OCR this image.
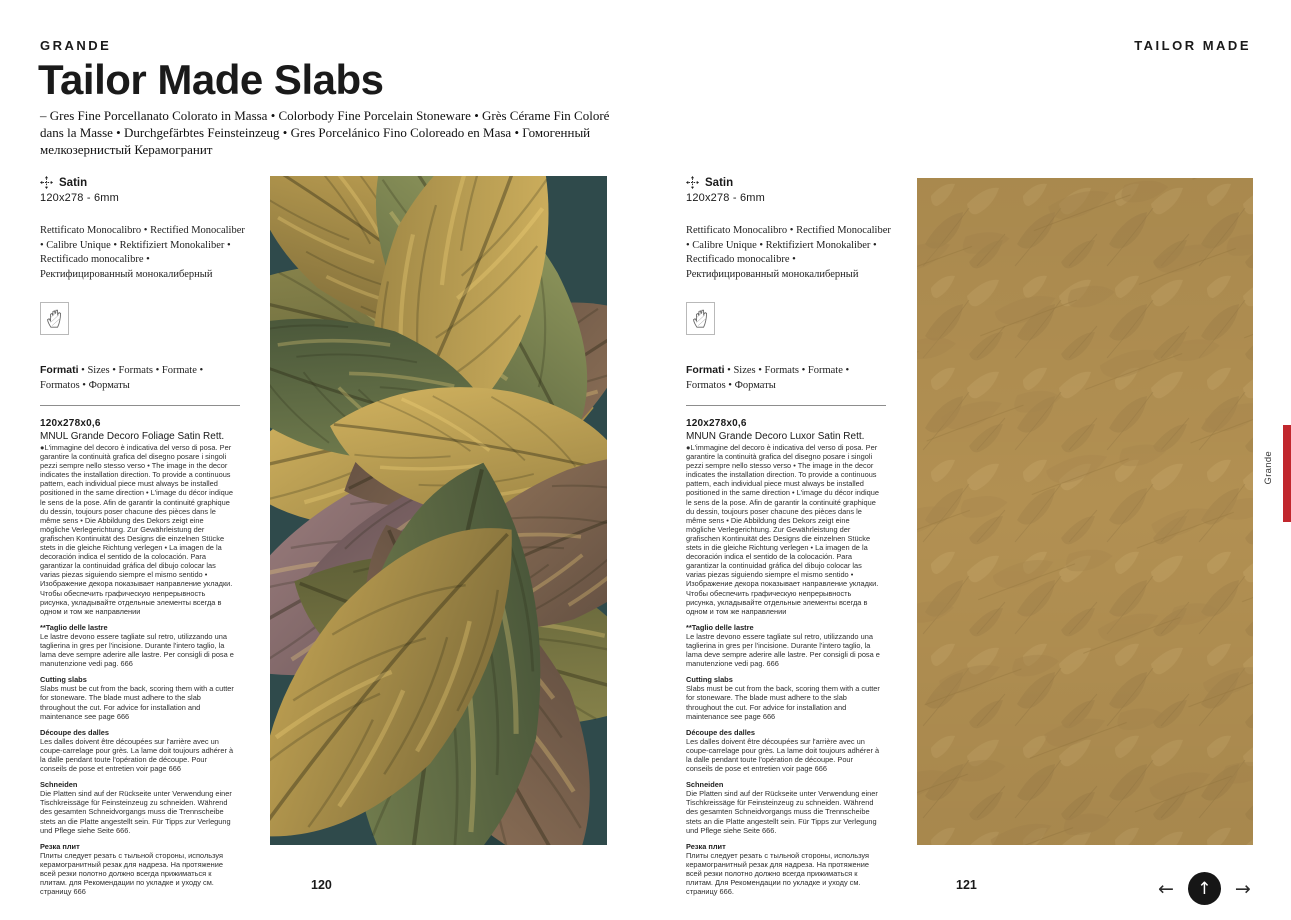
GRANDE	TAILOR MADE
Tailor Made Slabs
– Gres Fine Porcellanato Colorato in Massa • Colorbody Fine Porcelain Stoneware • Grès Cérame Fin Coloré dans la Masse • Durchgefärbtes Feinsteinzeug • Gres Porcelánico Fino Coloreado en Masa • Гомогенный мелкозернистый Керамогранит
Satin
120x278 - 6mm
Rettificato Monocalibro • Rectified Monocaliber • Calibre Unique • Rektifiziert Monokaliber • Rectificado monocalibre • Ректифицированный монокалиберный
Formati • Sizes • Formats • Formate • Formatos • Форматы
120x278x0,6
MNUL Grande Decoro Foliage Satin Rett.
●L'immagine del decoro è indicativa del verso di posa. Per garantire la continuità grafica del disegno posare i singoli pezzi sempre nello stesso verso • The image in the decor indicates the installation direction. To provide a continuous pattern, each individual piece must always be installed positioned in the same direction • L'image du décor indique le sens de la pose. Afin de garantir la continuité graphique du dessin, toujours poser chacune des pièces dans le même sens • Die Abbildung des Dekors zeigt eine mögliche Verlegerichtung. Zur Gewährleistung der grafischen Kontinuität des Designs die einzelnen Stücke stets in die gleiche Richtung verlegen • La imagen de la decoración indica el sentido de la colocación. Para garantizar la continuidad gráfica del dibujo colocar las varias piezas siguiendo siempre el mismo sentido • Изображение декора показывает направление укладки. Чтобы обеспечить графическую непрерывность рисунка, укладывайте отдельные элементы всегда в одном и том же направлении
**Taglio delle lastre
Le lastre devono essere tagliate sul retro, utilizzando una taglierina in gres per l'incisione. Durante l'intero taglio, la lama deve sempre aderire alle lastre. Per consigli di posa e manutenzione vedi pag. 666
Cutting slabs
Slabs must be cut from the back, scoring them with a cutter for stoneware. The blade must adhere to the slab throughout the cut. For advice for installation and maintenance see page 666
Découpe des dalles
Les dalles doivent être découpées sur l'arrière avec un coupe-carrelage pour grès. La lame doit toujours adhérer à la dalle pendant toute l'opération de découpe. Pour conseils de pose et entretien voir page 666
Schneiden
Die Platten sind auf der Rückseite unter Verwendung einer Tischkreissäge für Feinsteinzeug zu schneiden. Während des gesamten Schneidvorgangs muss die Trennscheibe stets an die Platte angestellt sein. Für Tipps zur Verlegung und Pflege siehe Seite 666.
Резка плит
Плиты следует резать с тыльной стороны, используя керамогранитный резак для надреза. На протяжение всей резки полотно должно всегда прижиматься к плитам. для Рекомендации по укладке и уходу см. страницу 666
Satin
120x278 - 6mm
Rettificato Monocalibro • Rectified Monocaliber • Calibre Unique • Rektifiziert Monokaliber • Rectificado monocalibre • Ректифицированный монокалиберный
Formati • Sizes • Formats • Formate • Formatos • Форматы
120x278x0,6
MNUN Grande Decoro Luxor Satin Rett.
●L'immagine del decoro è indicativa del verso di posa. Per garantire la continuità grafica del disegno posare i singoli pezzi sempre nello stesso verso • The image in the decor indicates the installation direction. To provide a continuous pattern, each individual piece must always be installed positioned in the same direction • L'image du décor indique le sens de la pose. Afin de garantir la continuité graphique du dessin, toujours poser chacune des pièces dans le même sens • Die Abbildung des Dekors zeigt eine mögliche Verlegerichtung. Zur Gewährleistung der grafischen Kontinuität des Designs die einzelnen Stücke stets in die gleiche Richtung verlegen • La imagen de la decoración indica el sentido de la colocación. Para garantizar la continuidad gráfica del dibujo colocar las varias piezas siguiendo siempre el mismo sentido • Изображение декора показывает направление укладки. Чтобы обеспечить графическую непрерывность рисунка, укладывайте отдельные элементы всегда в одном и том же направлении
**Taglio delle lastre
Le lastre devono essere tagliate sul retro, utilizzando una taglierina in gres per l'incisione. Durante l'intero taglio, la lama deve sempre aderire alle lastre. Per consigli di posa e manutenzione vedi pag. 666
Cutting slabs
Slabs must be cut from the back, scoring them with a cutter for stoneware. The blade must adhere to the slab throughout the cut. For advice for installation and maintenance see page 666
Découpe des dalles
Les dalles doivent être découpées sur l'arrière avec un coupe-carrelage pour grès. La lame doit toujours adhérer à la dalle pendant toute l'opération de découpe. Pour conseils de pose et entretien voir page 666
Schneiden
Die Platten sind auf der Rückseite unter Verwendung einer Tischkreissäge für Feinsteinzeug zu schneiden. Während des gesamten Schneidvorgangs muss die Trennscheibe stets an die Platte angestellt sein. Für Tipps zur Verlegung und Pflege siehe Seite 666.
Резка плит
Плиты следует резать с тыльной стороны, используя керамогранитный резак для надреза. На протяжение всей резки полотно должно всегда прижиматься к плитам. Для Рекомендации по укладке и уходу см. страницу 666.
120	121	←	↑	→
Grande
